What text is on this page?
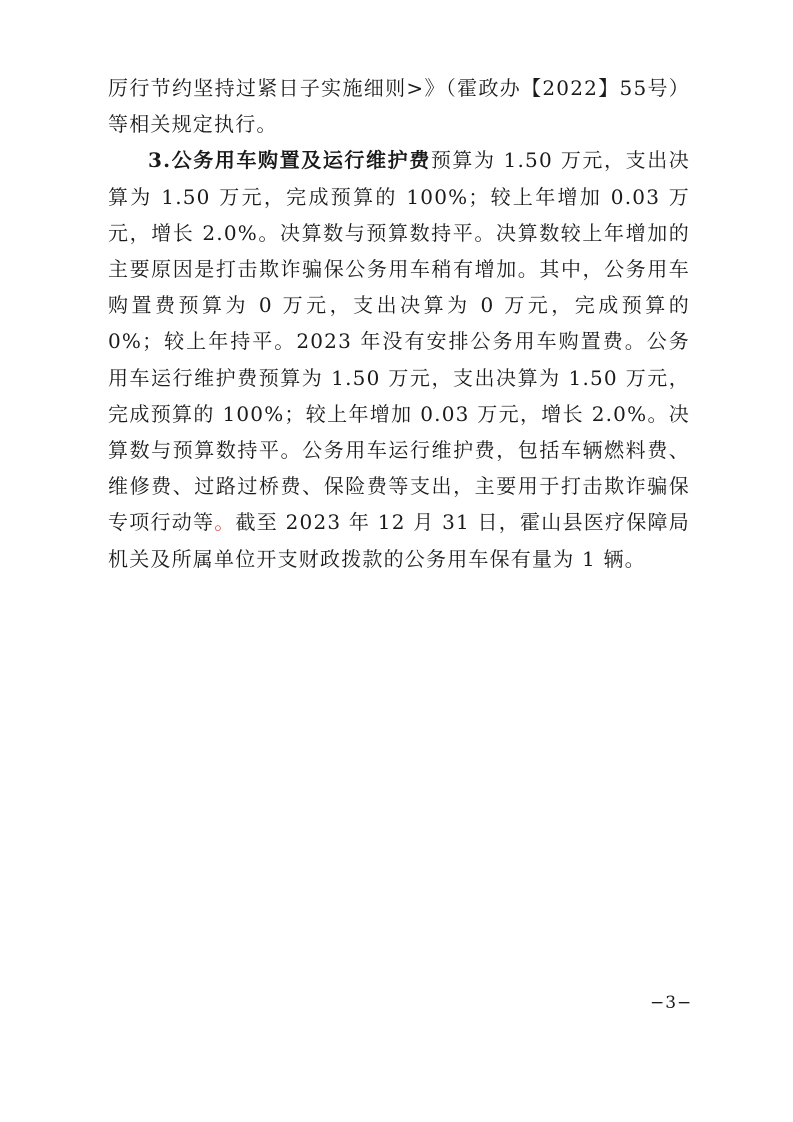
厉行节约坚持过紧日子实施细则>》（霍政办【2022】55号）等相关规定执行。

3.公务用车购置及运行维护费预算为 1.50 万元，支出决算为 1.50 万元，完成预算的 100%；较上年增加 0.03 万元，增长 2.0%。决算数与预算数持平。决算数较上年增加的主要原因是打击欺诈骗保公务用车稍有增加。其中，公务用车购置费预算为 0 万元，支出决算为 0 万元，完成预算的 0%；较上年持平。2023 年没有安排公务用车购置费。公务用车运行维护费预算为 1.50 万元，支出决算为 1.50 万元，完成预算的 100%；较上年增加 0.03 万元，增长 2.0%。决算数与预算数持平。公务用车运行维护费，包括车辆燃料费、维修费、过路过桥费、保险费等支出，主要用于打击欺诈骗保专项行动等。截至 2023 年 12 月 31 日，霍山县医疗保障局机关及所属单位开支财政拨款的公务用车保有量为 1 辆。

−3−
